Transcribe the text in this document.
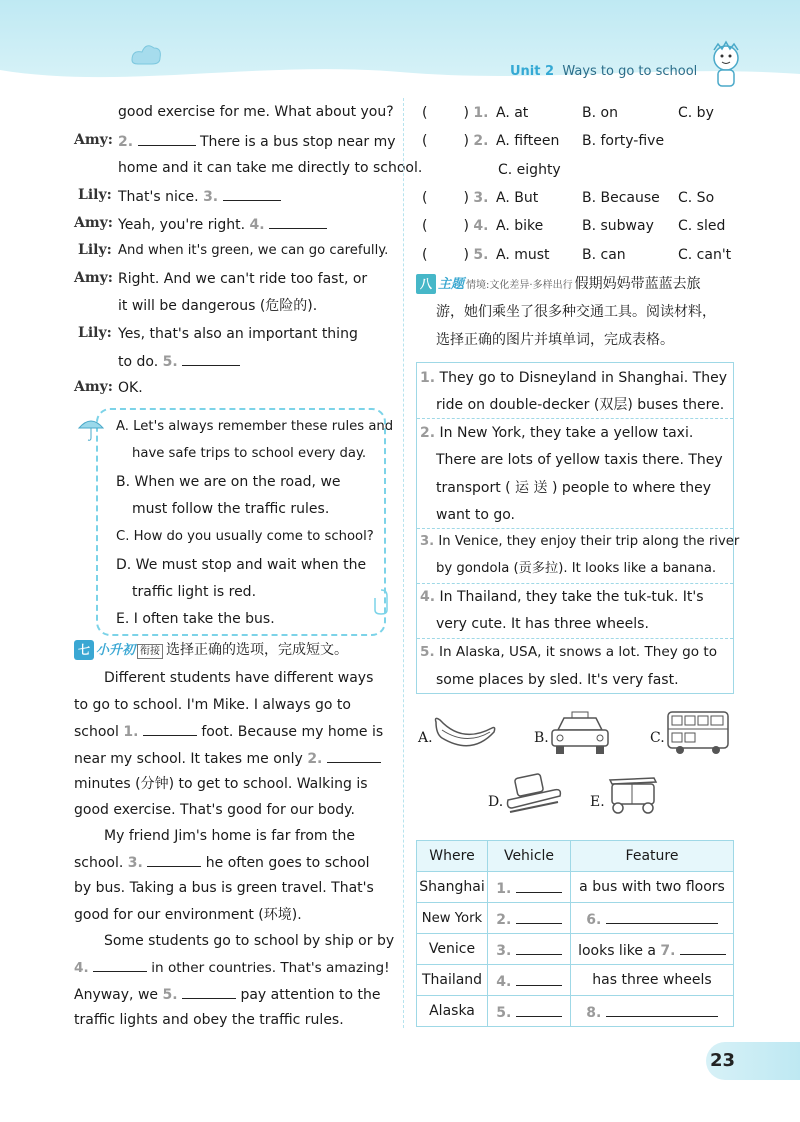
Unit 2 Ways to go to school
good exercise for me. What about you?
Amy: 2.	There is a bus stop near my
home and it can take me directly to school.
Lily: That's nice. 3.
Amy: Yeah, you're right. 4.
Lily: And when it's green, we can go carefully.
Amy: Right. And we can't ride too fast, or
it will be dangerous (危险的).
Lily: Yes, that's also an important thing
to do. 5.
Amy: OK.
A. Let's always remember these rules and
have safe trips to school every day.
B. When we are on the road, we
must follow the traffic rules.
C. How do you usually come to school?
D. We must stop and wait when the
traffic light is red.
E. I often take the bus.
七 小升初 衔接 选择正确的选项，完成短文。
Different students have different ways
to go to school. I'm Mike. I always go to
school 1.	foot. Because my home is
near my school. It takes me only 2.
minutes (分钟) to get to school. Walking is
good exercise. That's good for our body.
My friend Jim's home is far from the
school. 3.	he often goes to school
by bus. Taking a bus is green travel. That's
good for our environment (环境).
Some students go to school by ship or by
4.	in other countries. That's amazing!
Anyway, we 5.	pay attention to the
traffic lights and obey the traffic rules.
(	) 1. A. at	B. on	C. by
(	) 2. A. fifteen B. forty-five
C. eighty
(	) 3. A. But	B. Because C. So
(	) 4. A. bike	B. subway C. sled
(	) 5. A. must B. can	C. can't
八 主题 情境:文化差异·多样出行 假期妈妈带蓝蓝去旅
游，她们乘坐了很多种交通工具。阅读材料，
选择正确的图片并填单词，完成表格。
1. They go to Disneyland in Shanghai. They
ride on double-decker (双层) buses there.
2. In New York, they take a yellow taxi.
There are lots of yellow taxis there. They
transport ( 运 送 ) people to where they
want to go.
3. In Venice, they enjoy their trip along the river
by gondola (贡多拉). It looks like a banana.
4. In Thailand, they take the tuk-tuk. It's
very cute. It has three wheels.
5. In Alaska, USA, it snows a lot. They go to
some places by sled. It's very fast.
A.	B.	C.
D.	E.
Where	Vehicle	Feature
Shanghai	1.	a bus with two floors
New York	2.	6.
Venice	3.	looks like a 7.
Thailand	4.	has three wheels
Alaska	5.	8.
23
